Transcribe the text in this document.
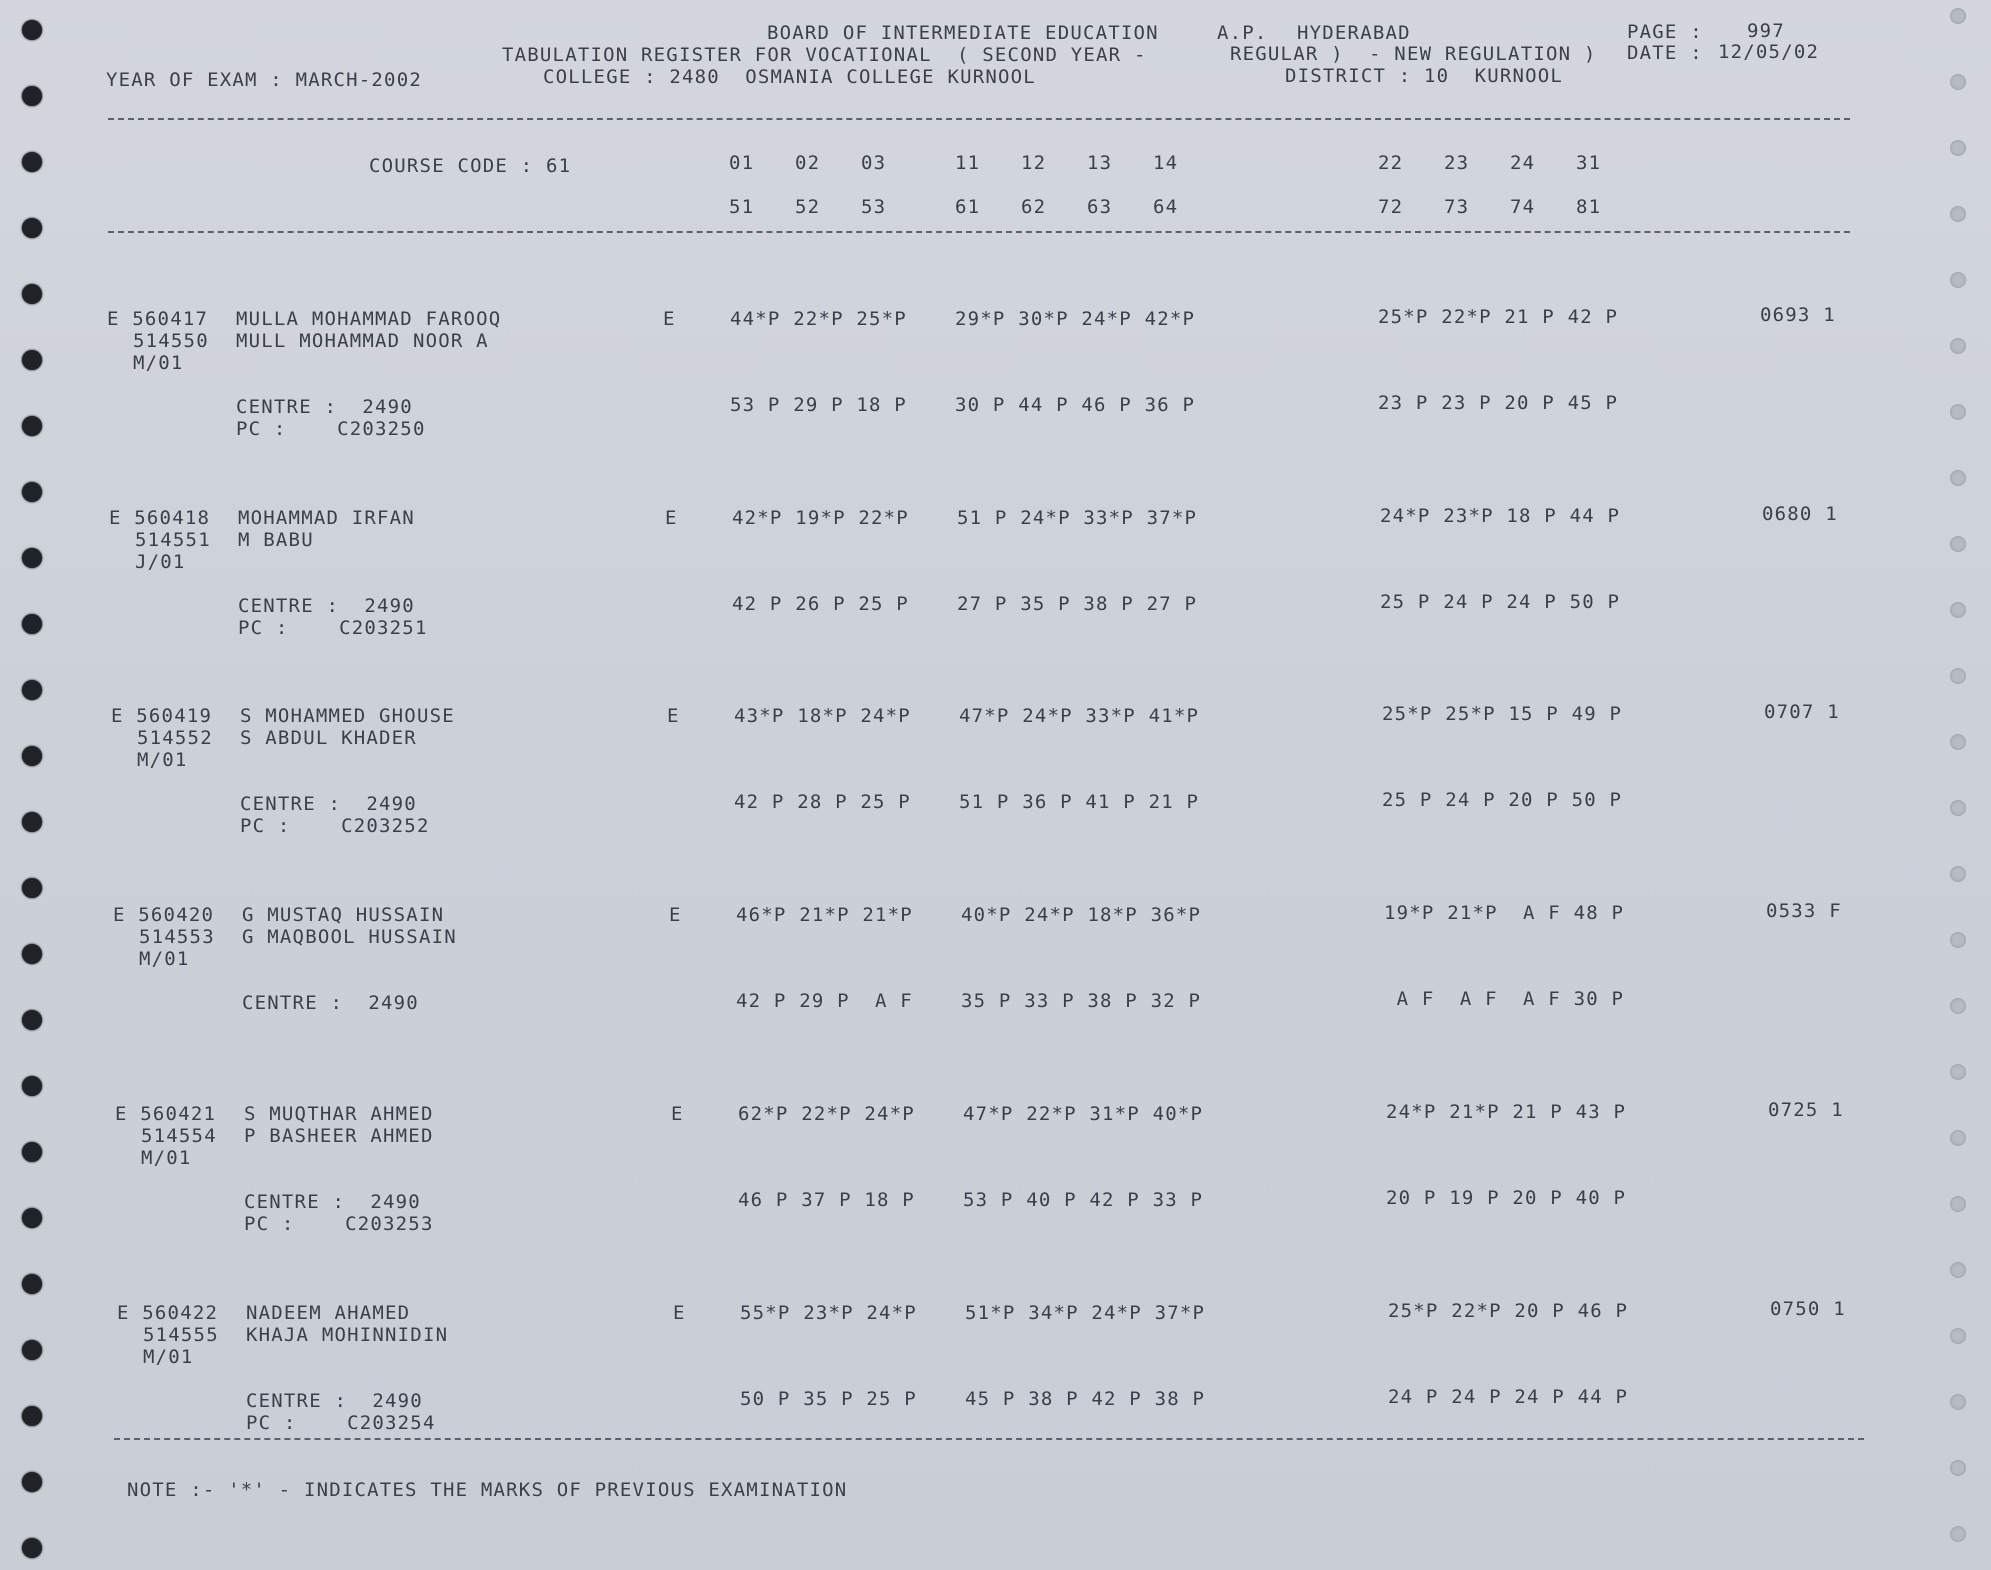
BOARD OF INTERMEDIATE EDUCATION	A.P. HYDERABAD	PAGE : 997
TABULATION REGISTER FOR VOCATIONAL  ( SECOND YEAR -	REGULAR )  - NEW REGULATION ) DATE : 12/05/02
YEAR OF EXAM : MARCH-2002	COLLEGE : 2480  OSMANIA COLLEGE KURNOOL	DISTRICT : 10  KURNOOL
COURSE CODE : 61	01 02 03	11 12 13 14	22 23 24 31
51 52 53	61 62 63 64	72 73 74 81
E 560417 MULLA MOHAMMAD FAROOQ
514550 MULL MOHAMMAD NOOR A
M/01
E	44*P 22*P 25*P	29*P 30*P 24*P 42*P	25*P 22*P 21 P 42 P	0693 1
CENTRE :  2490
PC :    C203250
53 P 29 P 18 P	30 P 44 P 46 P 36 P	23 P 23 P 20 P 45 P
E 560418 MOHAMMAD IRFAN
514551 M BABU
J/01
E	42*P 19*P 22*P	51 P 24*P 33*P 37*P	24*P 23*P 18 P 44 P	0680 1
CENTRE :  2490
PC :    C203251
42 P 26 P 25 P	27 P 35 P 38 P 27 P	25 P 24 P 24 P 50 P
E 560419 S MOHAMMED GHOUSE
514552 S ABDUL KHADER
M/01
E	43*P 18*P 24*P	47*P 24*P 33*P 41*P	25*P 25*P 15 P 49 P	0707 1
CENTRE :  2490
PC :    C203252
42 P 28 P 25 P	51 P 36 P 41 P 21 P	25 P 24 P 20 P 50 P
E 560420 G MUSTAQ HUSSAIN
514553 G MAQBOOL HUSSAIN
M/01
E	46*P 21*P 21*P	40*P 24*P 18*P 36*P	19*P 21*P  A F 48 P	0533 F
CENTRE :  2490	42 P 29 P  A F	35 P 33 P 38 P 32 P	A F  A F  A F 30 P
E 560421 S MUQTHAR AHMED
514554 P BASHEER AHMED
M/01
E	62*P 22*P 24*P	47*P 22*P 31*P 40*P	24*P 21*P 21 P 43 P	0725 1
CENTRE :  2490
PC :    C203253
46 P 37 P 18 P	53 P 40 P 42 P 33 P	20 P 19 P 20 P 40 P
E 560422 NADEEM AHAMED
514555 KHAJA MOHINNIDIN
M/01
E	55*P 23*P 24*P	51*P 34*P 24*P 37*P	25*P 22*P 20 P 46 P	0750 1
CENTRE :  2490
PC :    C203254
50 P 35 P 25 P	45 P 38 P 42 P 38 P	24 P 24 P 24 P 44 P
NOTE :- '*' - INDICATES THE MARKS OF PREVIOUS EXAMINATION
